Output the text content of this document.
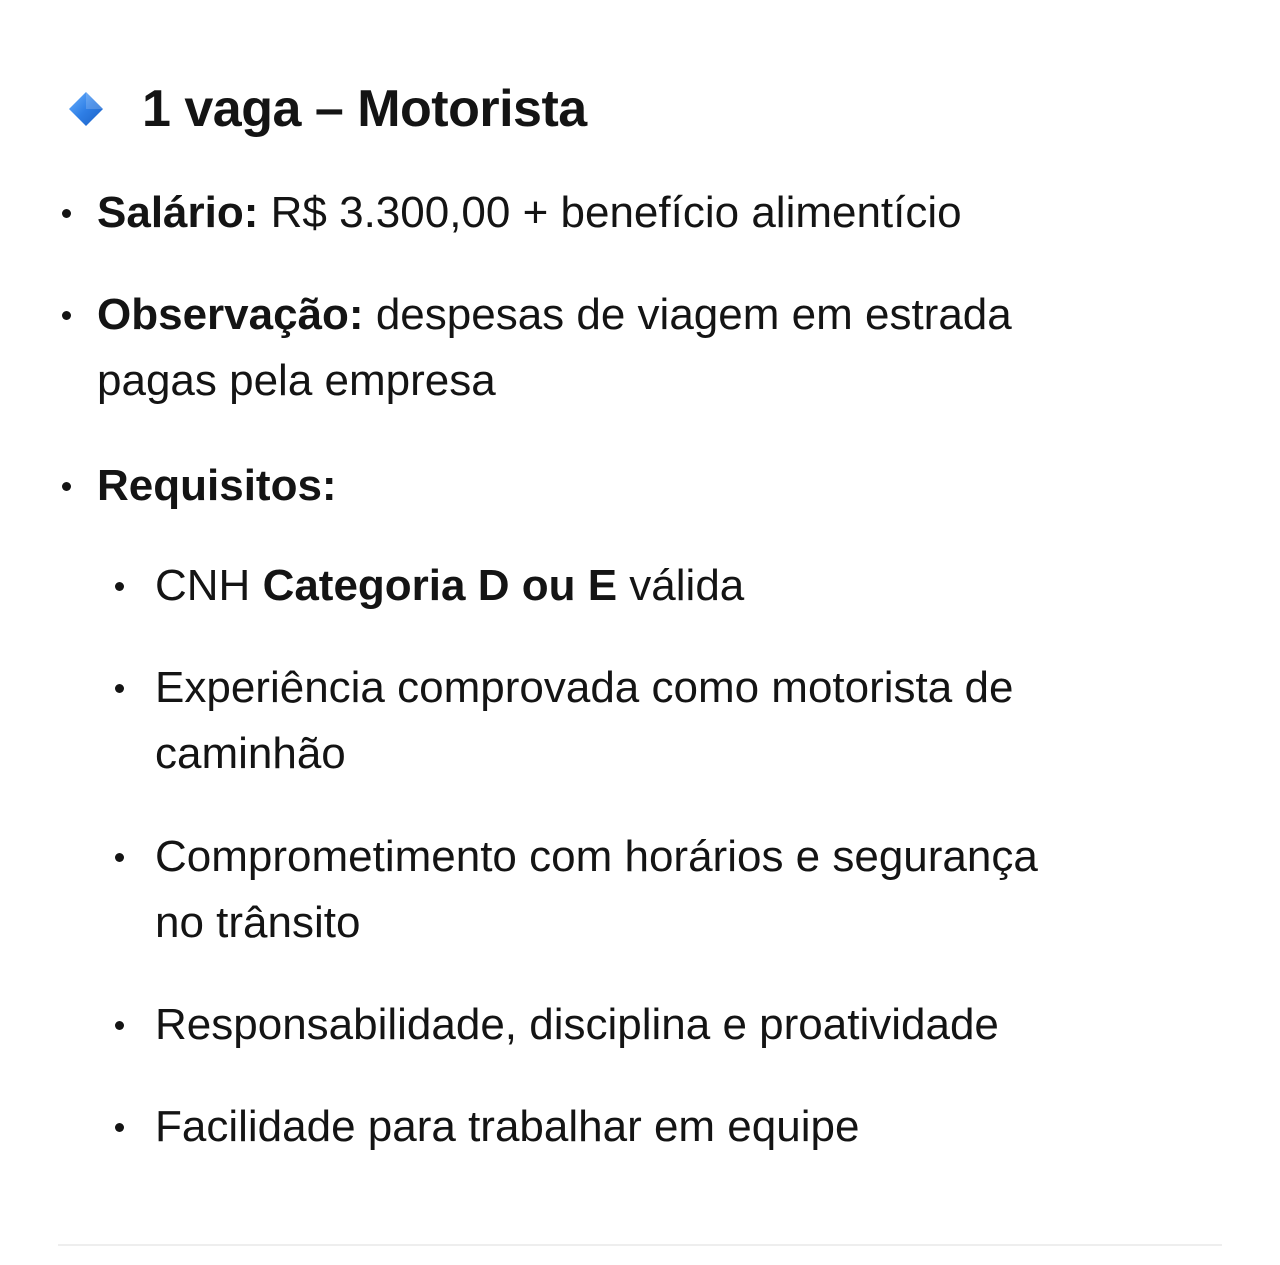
1 vaga – Motorista
Salário: R$ 3.300,00 + benefício alimentício
Observação: despesas de viagem em estrada
pagas pela empresa
Requisitos:
CNH Categoria D ou E válida
Experiência comprovada como motorista de
caminhão
Comprometimento com horários e segurança
no trânsito
Responsabilidade, disciplina e proatividade
Facilidade para trabalhar em equipe
